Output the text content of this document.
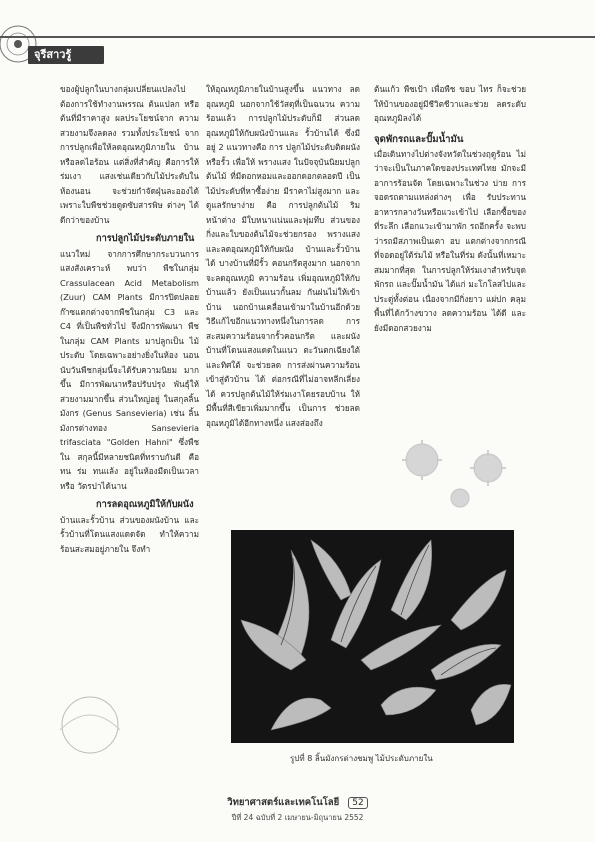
จุรีสาวรู้

ของผู้ปลูกในบางกลุ่มเปลี่ยนแปลงไป ต้องการใช้ทำงานพรรณ ต้นแปลก หรือต้นที่มีราคาสูง ผลประโยชน์จาก ความสวยงามจึงลดลง รวมทั้งประโยชน์ จากการปลูกเพื่อให้ลดอุณหภูมิภายใน บ้านหรือลดไอร้อน แต่สิ่งที่สำคัญ คือการให้ร่มเงา แสงเช่นเดียวกับไม้ประดับใน ห้องนอน จะช่วยกำจัดฝุ่นละอองได้ เพราะใบพืชช่วยดูดซับสารพิษ ต่างๆ ได้ดีกว่าของบ้าน

การปลูกไม้ประดับภายใน

แนวใหม่ จากการศึกษากระบวนการ แสงสังเคราะห์ พบว่า พืชในกลุ่ม Crassulacean Acid Metabolism (Zuur) CAM Plants มีการปิดปลอย ก๊าซแตกต่างจากพืชในกลุ่ม C3 และ C4 ที่เป็นพืชทั่วไป จึงมีการพัฒนา พืชในกลุ่ม CAM Plants มาปลูกเป็น ไม้ประดับ โดยเฉพาะอย่างยิ่งในห้อง นอน นับวันพืชกลุ่มนี้จะได้รับความนิยม มากขึ้น มีการพัฒนาหรือปรับปรุง พันธุ์ให้สวยงามมากขึ้น ส่วนใหญ่อยู่ ในสกุลลิ้นมังกร (Genus Sansevieria) เช่น ลิ้นมังกรด่างทอง Sansevieria trifasciata "Golden Hahni" ซึ่งพืชใน สกุลนี้มีหลายชนิดที่ทราบกันดี คือ ทน ร่ม ทนแล้ง อยู่ในห้องมืดเป็นเวลา หรือ วัตรปาได้นาน

การลดอุณหภูมิให้กับผนัง

บ้านและรั้วบ้าน ส่วนของผนังบ้าน และรั้วบ้านที่โดนแสงแดดจัด ทำให้ความร้อนสะสมอยู่ภายใน จึงทำ

ให้อุณหภูมิภายในบ้านสูงขึ้น แนวทาง ลดอุณหภูมิ นอกจากใช้วัสดุที่เป็นฉนวน ความร้อนแล้ว การปลูกไม้ประดับก็มี ส่วนลดอุณหภูมิให้กับผนังบ้านและ รั้วบ้านได้ ซึ่งมีอยู่ 2 แนวทางคือ การ ปลูกไม้ประดับติดผนังหรือรั้ว เพื่อให้ พรางแสง ในปัจจุบันนิยมปลูกต้นไม้ ที่มีดอกหอมและออกดอกตลอดปี เป็น ไม้ประดับที่หาซื้อง่าย มีราคาไม่สูงมาก และดูแลรักษาง่าย คือ การปลูกต้นไม้ ริมหน้าต่าง มีใบหนาแน่นและพุ่มทึบ ส่วนของกิ่งและใบของต้นไม้จะช่วยกรอง พรางแสงและลดอุณหภูมิให้กับผนัง บ้านและรั้วบ้านได้ บางบ้านที่มีรั้ว คอนกรีตสูงมาก นอกจากจะลดอุณหภูมิ ความร้อน เพิ่มอุณหภูมิให้กับบ้านแล้ว ยังเป็นแนวกั้นลม กันฝนไม่ให้เข้าบ้าน นอกบ้านเคลื่อนเข้ามาในบ้านอีกด้วย วิธีแก้ไขอีกแนวทางหนึ่งในการลด การสะสมความร้อนจากรั้วคอนกรีต และผนังบ้านที่โดนแสงแดดในแนว ตะวันตกเฉียงใต้และทิศใต้ จะช่วยลด การส่งผ่านความร้อนเข้าสู่ตัวบ้าน ได้ ต่อกรณีที่ไม่อาจหลีกเลี่ยงได้ ควรปลูกต้นไม้ให้ร่มเงาโดยรอบบ้าน ให้มีพื้นที่สีเขียวเพิ่มมากขึ้น เป็นการ ช่วยลดอุณหภูมิได้อีกทางหนึ่ง แสงส่องถึง

ต้นแก้ว พืชเป้า เพื่อพืช ขอบ ไทร ก็จะช่วยให้บ้านของอยู่มีชีวิตชีวาและช่วย ลดระดับอุณหภูมิลงได้

จุดพักรถและปั๊มน้ำมัน

เมื่อเดินทางไปต่างจังหวัดในช่วงฤดูร้อน ไม่ว่าจะเป็นในภาคใดของประเทศไทย มักจะมีอาการร้อนจัด โดยเฉพาะในช่วง บ่าย การจอดรถตามแหล่งต่างๆ เพื่อ รับประทานอาหารกลางวันหรือแวะเข้าไป เลือกซื้อของที่ระลึก เลือกแวะเข้ามาพัก รถอีกครั้ง จะพบว่ารถมีสภาพเป็นเตา อบ แตกต่างจากกรณีที่จอดอยู่ใต้ร่มไม้ หรือในที่ร่ม ดังนั้นที่เหมาะสมมากที่สุด ในการปลูกให้ร่มเงาสำหรับจุดพักรถ และปั๊มน้ำมัน ได้แก่ มะโกโลสไปและ ประดู่ทั้งต่อน เนื่องจากมีกิ่งยาว แผ่ปก คลุมพื้นที่ได้กว้างขวาง ลดความร้อน ได้ดี และยังมีดอกสวยงาม

รูปที่ 8 ลิ้นมังกรด่างชมพู ไม้ประดับภายใน
วิทยาศาสตร์และเทคโนโลยี 52
ปีที่ 24 ฉบับที่ 2 เมษายน-มิถุนายน 2552
